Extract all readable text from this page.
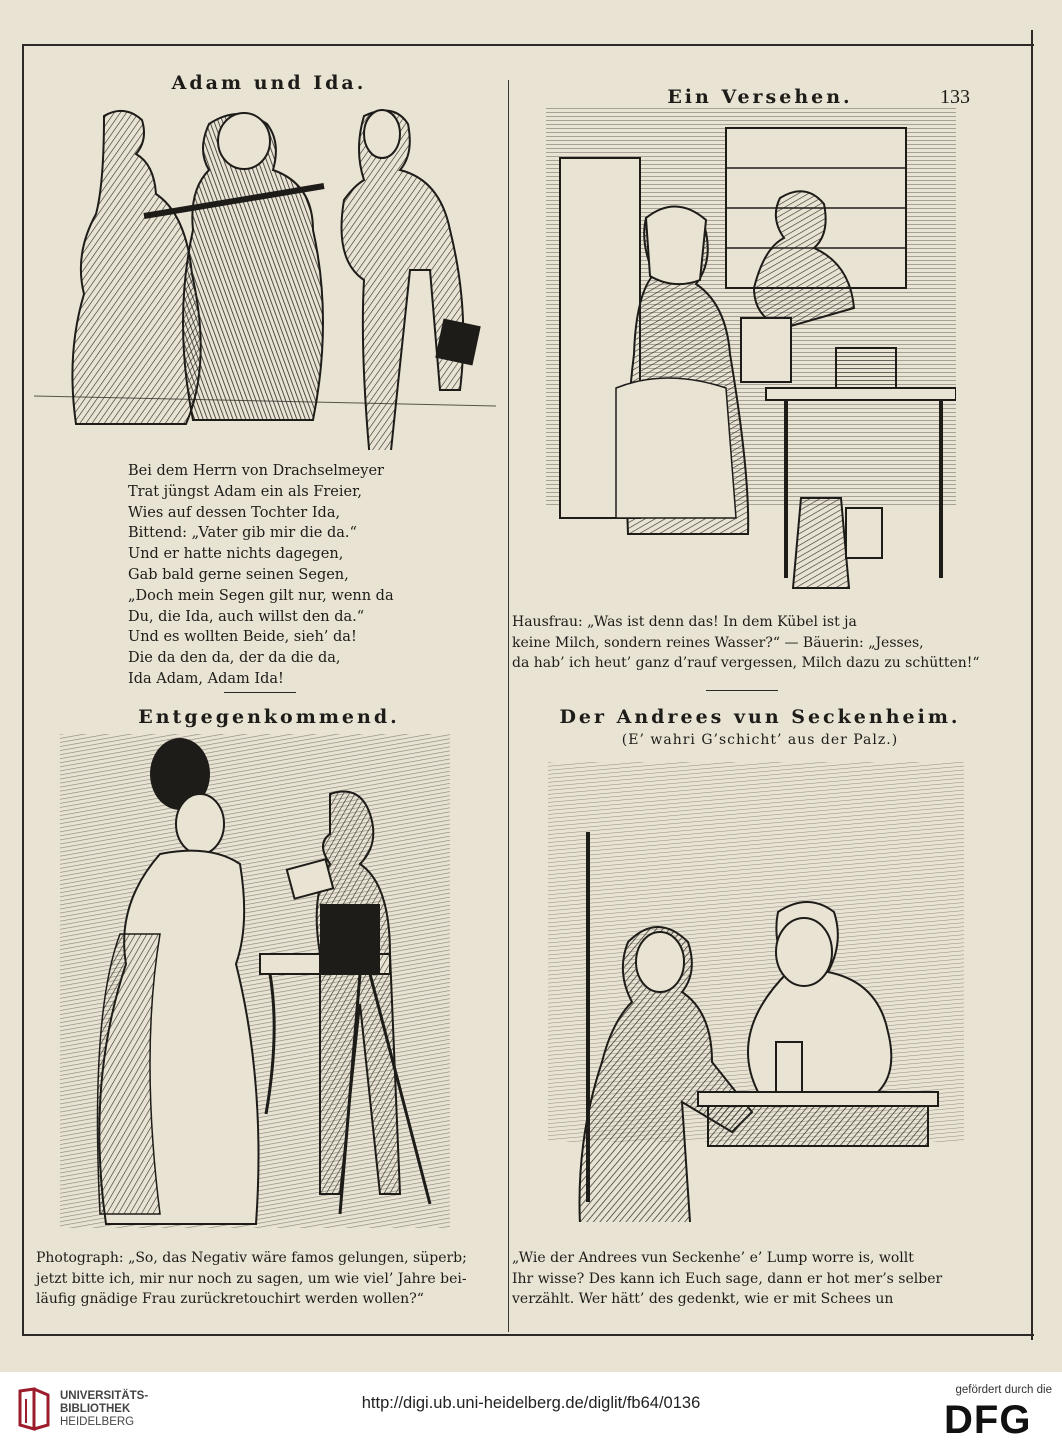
Adam und Ida.
Bei dem Herrn von Drachselmeyer
Trat jüngst Adam ein als Freier,
Wies auf dessen Tochter Ida,
Bittend: „Vater gib mir die da.“
Und er hatte nichts dagegen,
Gab bald gerne seinen Segen,
„Doch mein Segen gilt nur, wenn da
Du, die Ida, auch willst den da.“
Und es wollten Beide, sieh’ da!
Die da den da, der da die da,
Ida Adam, Adam Ida!
Ein Versehen.	133
Hausfrau: „Was ist denn das! In dem Kübel ist ja
keine Milch, sondern reines Wasser?“ — Bäuerin: „Jesses,
da hab’ ich heut’ ganz d’rauf vergessen, Milch dazu zu schütten!“
Entgegenkommend.
Photograph: „So, das Negativ wäre famos gelungen, süperb;
jetzt bitte ich, mir nur noch zu sagen, um wie viel’ Jahre bei-
läufig gnädige Frau zurückretouchirt werden wollen?“
Der Andrees vun Seckenheim.
(E’ wahri G’schicht’ aus der Palz.)
„Wie der Andrees vun Seckenhe’ e’ Lump worre is, wollt
Ihr wisse? Des kann ich Euch sage, dann er hot mer’s selber
verzählt. Wer hätt’ des gedenkt, wie er mit Schees un
UNIVERSITÄTS-
BIBLIOTHEK
HEIDELBERG
http://digi.ub.uni-heidelberg.de/diglit/fb64/0136
gefördert durch die
DFG
